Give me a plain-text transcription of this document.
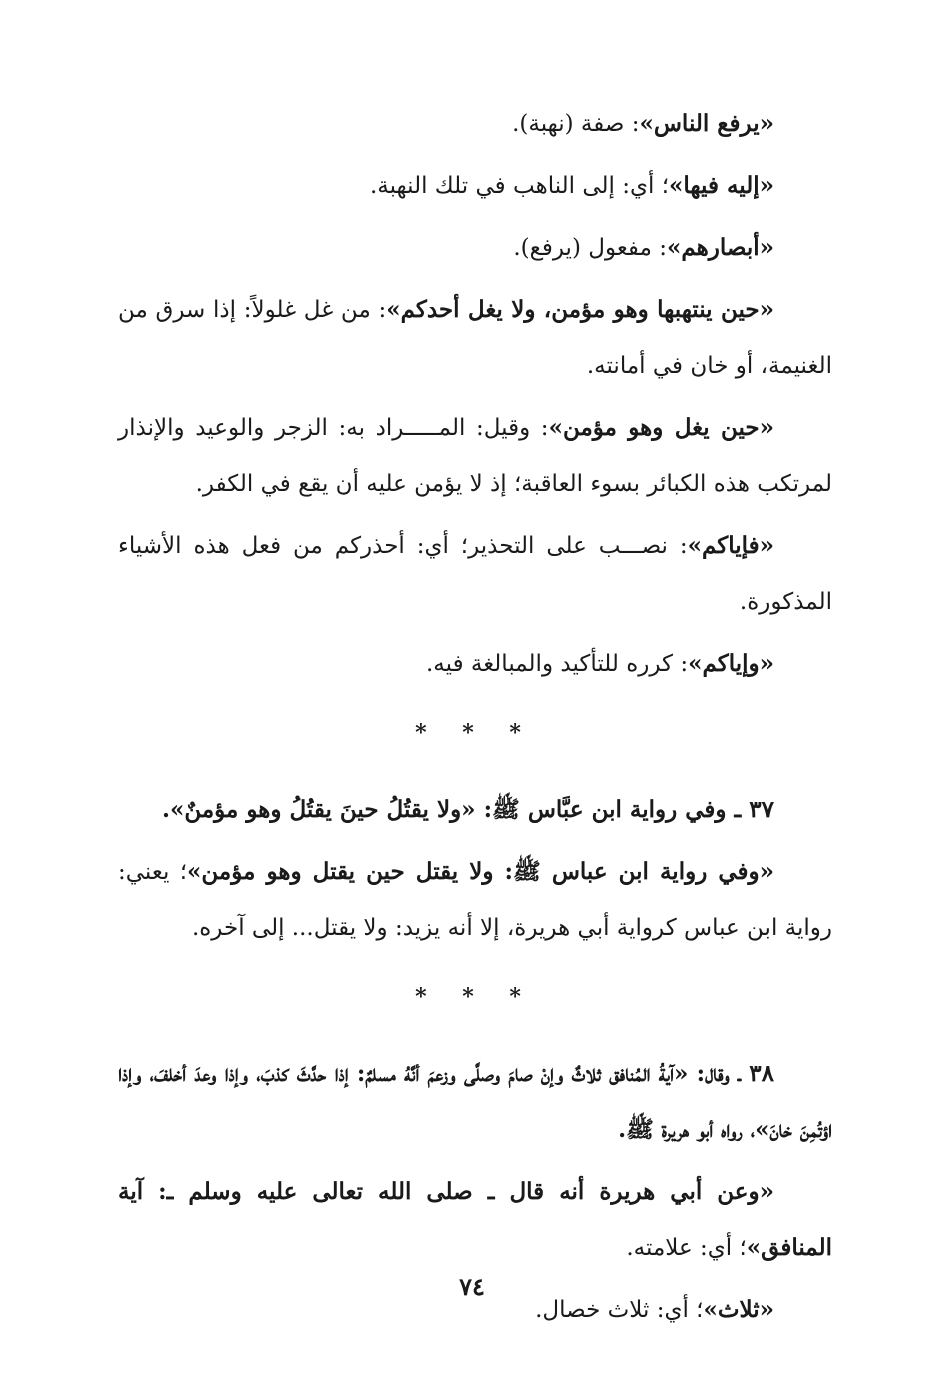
«يرفع الناس»: صفة (نهبة).

«إليه فيها»؛ أي: إلى الناهب في تلك النهبة.

«أبصارهم»: مفعول (يرفع).

«حين ينتهبها وهو مؤمن، ولا يغل أحدكم»: من غل غلولاً: إذا سرق من الغنيمة، أو خان في أمانته.

«حين يغل وهو مؤمن»: وقيل: المـــــراد به: الزجر والوعيد والإنذار لمرتكب هذه الكبائر بسوء العاقبة؛ إذ لا يؤمن عليه أن يقع في الكفر.

«فإياكم»: نصـــب على التحذير؛ أي: أحذركم من فعل هذه الأشياء المذكورة.

«وإياكم»: كرره للتأكيد والمبالغة فيه.

* * *

٣٧ ـ وفي رواية ابن عبَّاس ﷺ: «ولا يقتُلُ حينَ يقتُلُ وهو مؤمنٌ».

«وفي رواية ابن عباس ﷺ: ولا يقتل حين يقتل وهو مؤمن»؛ يعني: رواية ابن عباس كرواية أبي هريرة، إلا أنه يزيد: ولا يقتل... إلى آخره.

* * *

٣٨ ـ وقال: «آيةُ المُنافق ثلاثٌ وإنْ صامَ وصلَّى وزعمَ أنَّهُ مسلمٌ: إذا حدَّثَ كذبَ، وإذا وعدَ أخلفَ، وإذا اؤتُمِنَ خانَ»، رواه أبو هريرة ﷺ.

«وعن أبي هريرة أنه قال ـ صلى الله تعالى عليه وسلم ـ: آية المنافق»؛ أي: علامته.

«ثلاث»؛ أي: ثلاث خصال.

٧٤
